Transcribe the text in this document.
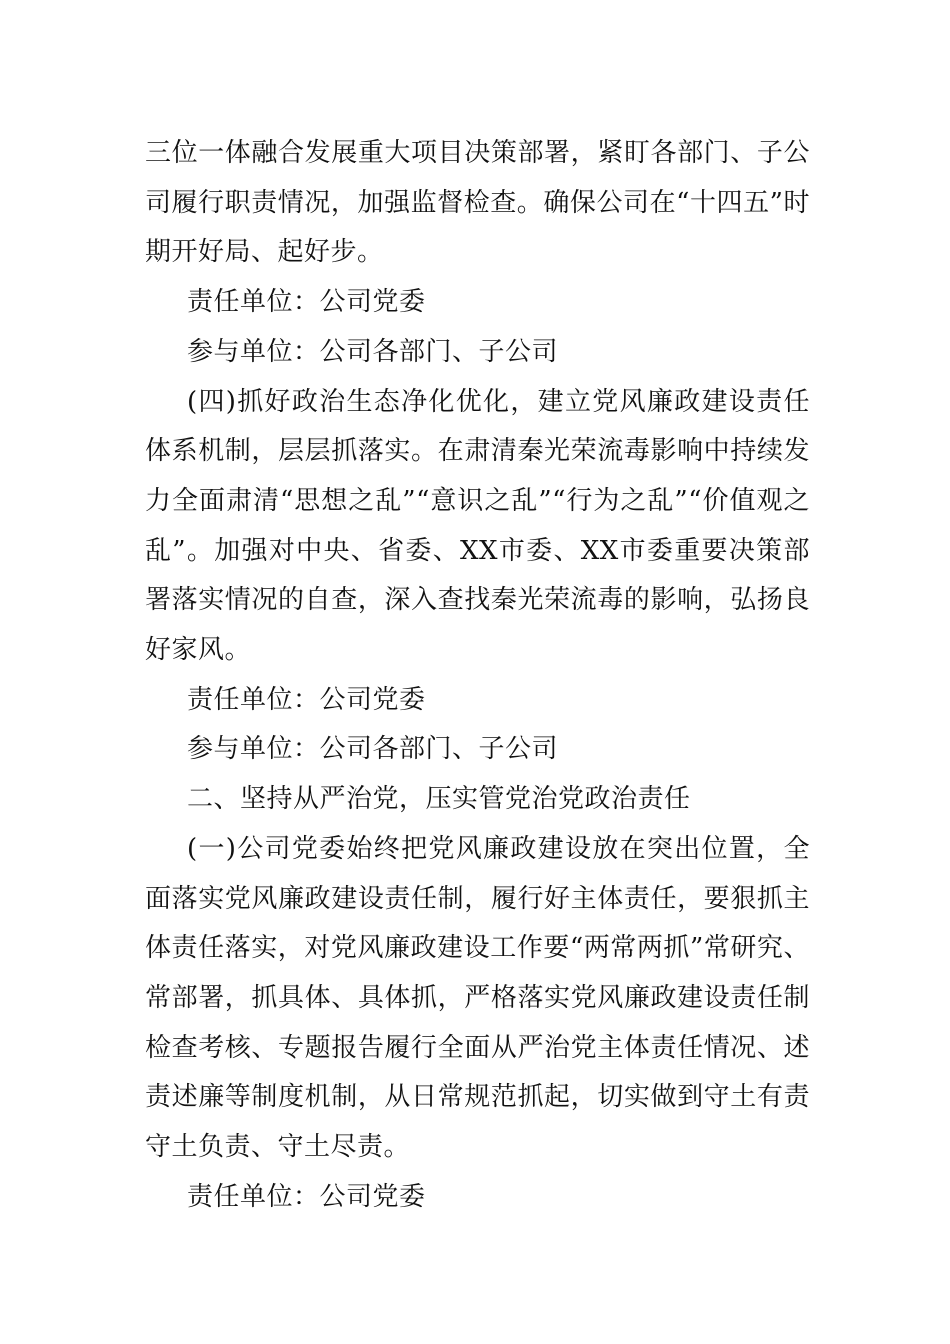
三位一体融合发展重大项目决策部署，紧盯各部门、子公司履行职责情况，加强监督检查。确保公司在“十四五”时期开好局、起好步。

责任单位：公司党委

参与单位：公司各部门、子公司

(四)抓好政治生态净化优化，建立党风廉政建设责任体系机制，层层抓落实。在肃清秦光荣流毒影响中持续发力全面肃清“思想之乱”“意识之乱”“行为之乱”“价值观之乱”。加强对中央、省委、XX市委、XX市委重要决策部署落实情况的自查，深入查找秦光荣流毒的影响，弘扬良好家风。

责任单位：公司党委

参与单位：公司各部门、子公司

二、坚持从严治党，压实管党治党政治责任

(一)公司党委始终把党风廉政建设放在突出位置，全面落实党风廉政建设责任制，履行好主体责任，要狠抓主体责任落实，对党风廉政建设工作要“两常两抓”常研究、常部署，抓具体、具体抓，严格落实党风廉政建设责任制检查考核、专题报告履行全面从严治党主体责任情况、述责述廉等制度机制，从日常规范抓起，切实做到守土有责守土负责、守土尽责。

责任单位：公司党委
